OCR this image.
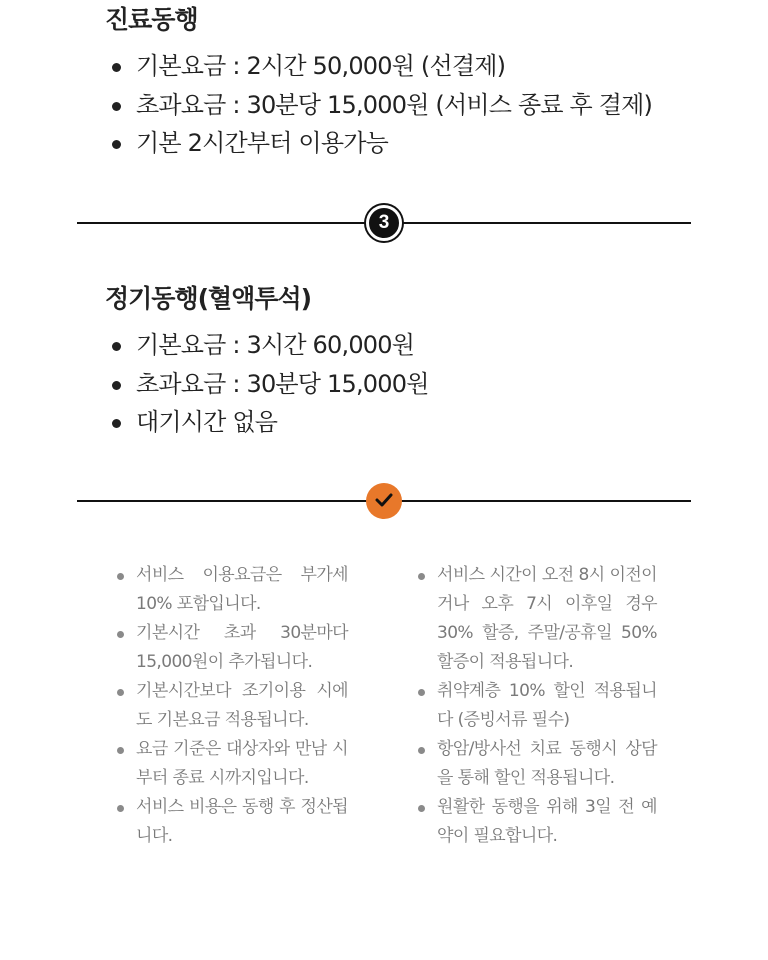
진료동행
기본요금 : 2시간 50,000원 (선결제)
초과요금 : 30분당 15,000원 (서비스 종료 후 결제)
기본 2시간부터 이용가능
3
정기동행(혈액투석)
기본요금 : 3시간 60,000원
초과요금 : 30분당 15,000원
대기시간 없음
서비스 이용요금은 부가세 10% 포함입니다.
기본시간 초과 30분마다 15,000원이 추가됩니다.
기본시간보다 조기이용 시에도 기본요금 적용됩니다.
요금 기준은 대상자와 만남 시부터 종료 시까지입니다.
서비스 비용은 동행 후 정산됩니다.
서비스 시간이 오전 8시 이전이거나 오후 7시 이후일 경우 30% 할증, 주말/공휴일 50% 할증이 적용됩니다.
취약계층 10% 할인 적용됩니다 (증빙서류 필수)
항암/방사선 치료 동행시 상담을 통해 할인 적용됩니다.
원활한 동행을 위해 3일 전 예약이 필요합니다.
